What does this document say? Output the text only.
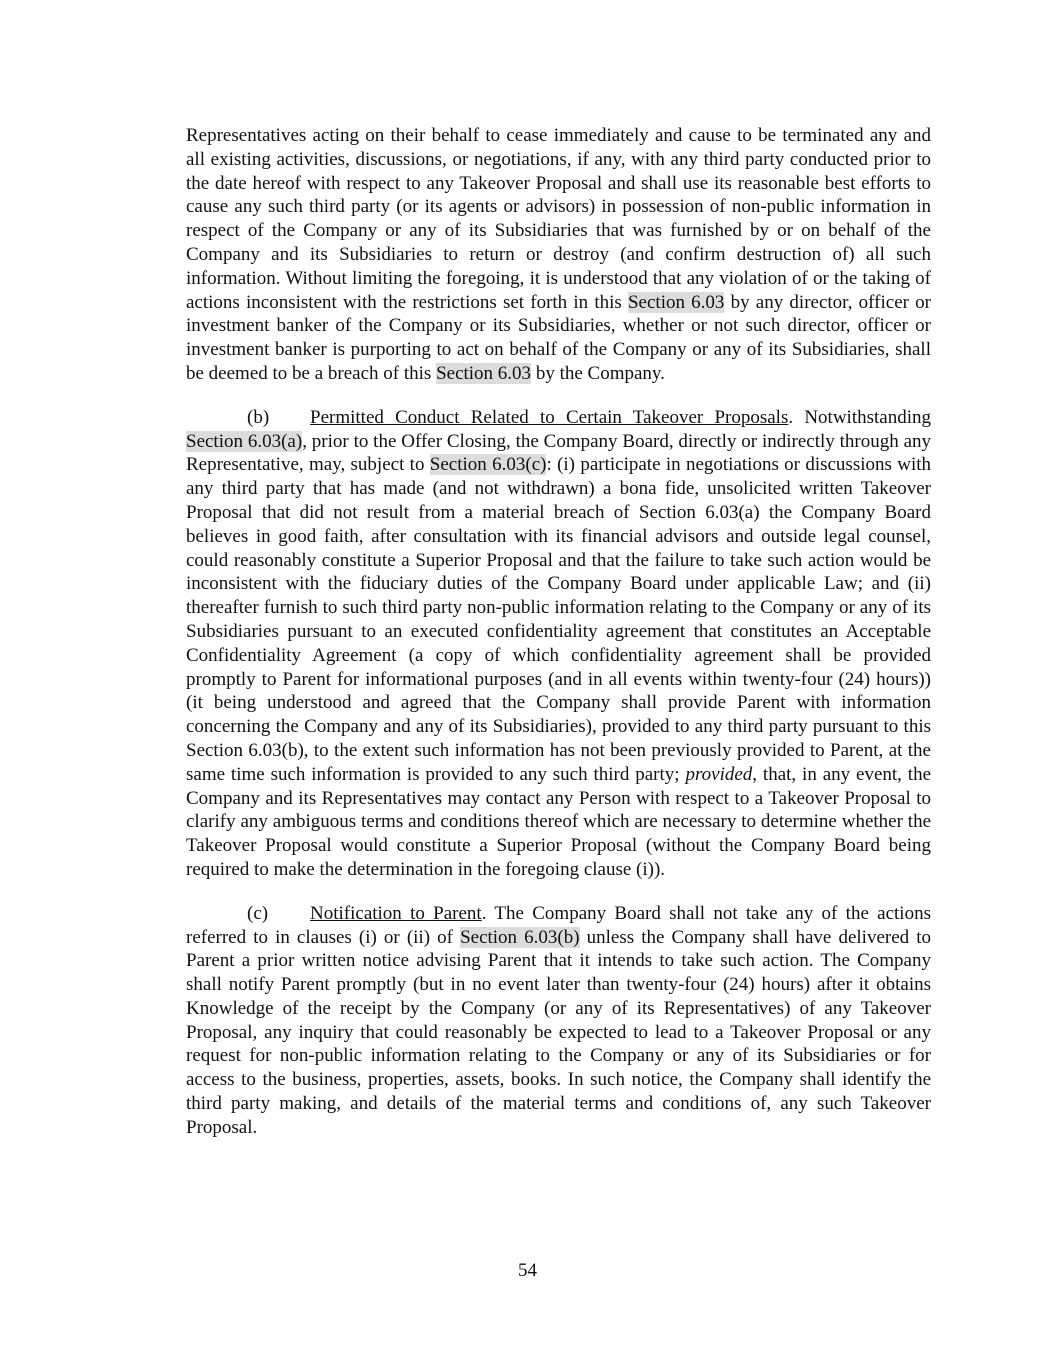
Representatives acting on their behalf to cease immediately and cause to be terminated any and all existing activities, discussions, or negotiations, if any, with any third party conducted prior to the date hereof with respect to any Takeover Proposal and shall use its reasonable best efforts to cause any such third party (or its agents or advisors) in possession of non-public information in respect of the Company or any of its Subsidiaries that was furnished by or on behalf of the Company and its Subsidiaries to return or destroy (and confirm destruction of) all such information. Without limiting the foregoing, it is understood that any violation of or the taking of actions inconsistent with the restrictions set forth in this Section 6.03 by any director, officer or investment banker of the Company or its Subsidiaries, whether or not such director, officer or investment banker is purporting to act on behalf of the Company or any of its Subsidiaries, shall be deemed to be a breach of this Section 6.03 by the Company.

(b) Permitted Conduct Related to Certain Takeover Proposals. Notwithstanding Section 6.03(a), prior to the Offer Closing, the Company Board, directly or indirectly through any Representative, may, subject to Section 6.03(c): (i) participate in negotiations or discussions with any third party that has made (and not withdrawn) a bona fide, unsolicited written Takeover Proposal that did not result from a material breach of Section 6.03(a) the Company Board believes in good faith, after consultation with its financial advisors and outside legal counsel, could reasonably constitute a Superior Proposal and that the failure to take such action would be inconsistent with the fiduciary duties of the Company Board under applicable Law; and (ii) thereafter furnish to such third party non-public information relating to the Company or any of its Subsidiaries pursuant to an executed confidentiality agreement that constitutes an Acceptable Confidentiality Agreement (a copy of which confidentiality agreement shall be provided promptly to Parent for informational purposes (and in all events within twenty-four (24) hours)) (it being understood and agreed that the Company shall provide Parent with information concerning the Company and any of its Subsidiaries), provided to any third party pursuant to this Section 6.03(b), to the extent such information has not been previously provided to Parent, at the same time such information is provided to any such third party; provided, that, in any event, the Company and its Representatives may contact any Person with respect to a Takeover Proposal to clarify any ambiguous terms and conditions thereof which are necessary to determine whether the Takeover Proposal would constitute a Superior Proposal (without the Company Board being required to make the determination in the foregoing clause (i)).

(c) Notification to Parent. The Company Board shall not take any of the actions referred to in clauses (i) or (ii) of Section 6.03(b) unless the Company shall have delivered to Parent a prior written notice advising Parent that it intends to take such action. The Company shall notify Parent promptly (but in no event later than twenty-four (24) hours) after it obtains Knowledge of the receipt by the Company (or any of its Representatives) of any Takeover Proposal, any inquiry that could reasonably be expected to lead to a Takeover Proposal or any request for non-public information relating to the Company or any of its Subsidiaries or for access to the business, properties, assets, books. In such notice, the Company shall identify the third party making, and details of the material terms and conditions of, any such Takeover Proposal.

54
